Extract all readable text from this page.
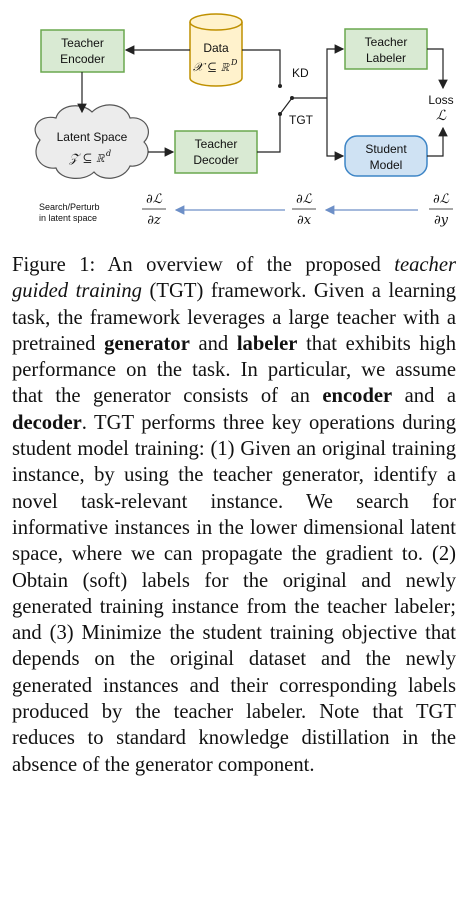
Teacher
Encoder
Data
𝒳 ⊆ ℝ D
Teacher
Labeler
Latent Space
𝒵 ⊆ ℝ d
Teacher
Decoder
Student
Model
KD
TGT
Loss
ℒ
Search/Perturb
in latent space
∂ℒ
∂z
∂ℒ
∂x
∂ℒ
∂y
Figure 1: An overview of the proposed teacher guided training (TGT) framework. Given a learning task, the framework leverages a large teacher with a pretrained generator and labeler that exhibits high performance on the task. In particular, we assume that the generator consists of an encoder and a decoder. TGT performs three key operations during student model training: (1) Given an original training instance, by using the teacher generator, identify a novel task-relevant instance. We search for informative instances in the lower dimensional latent space, where we can propagate the gradient to. (2) Obtain (soft) labels for the original and newly generated training instance from the teacher labeler; and (3) Minimize the student training objective that depends on the original dataset and the newly generated instances and their corresponding labels produced by the teacher labeler. Note that TGT reduces to standard knowledge distillation in the absence of the generator component.
